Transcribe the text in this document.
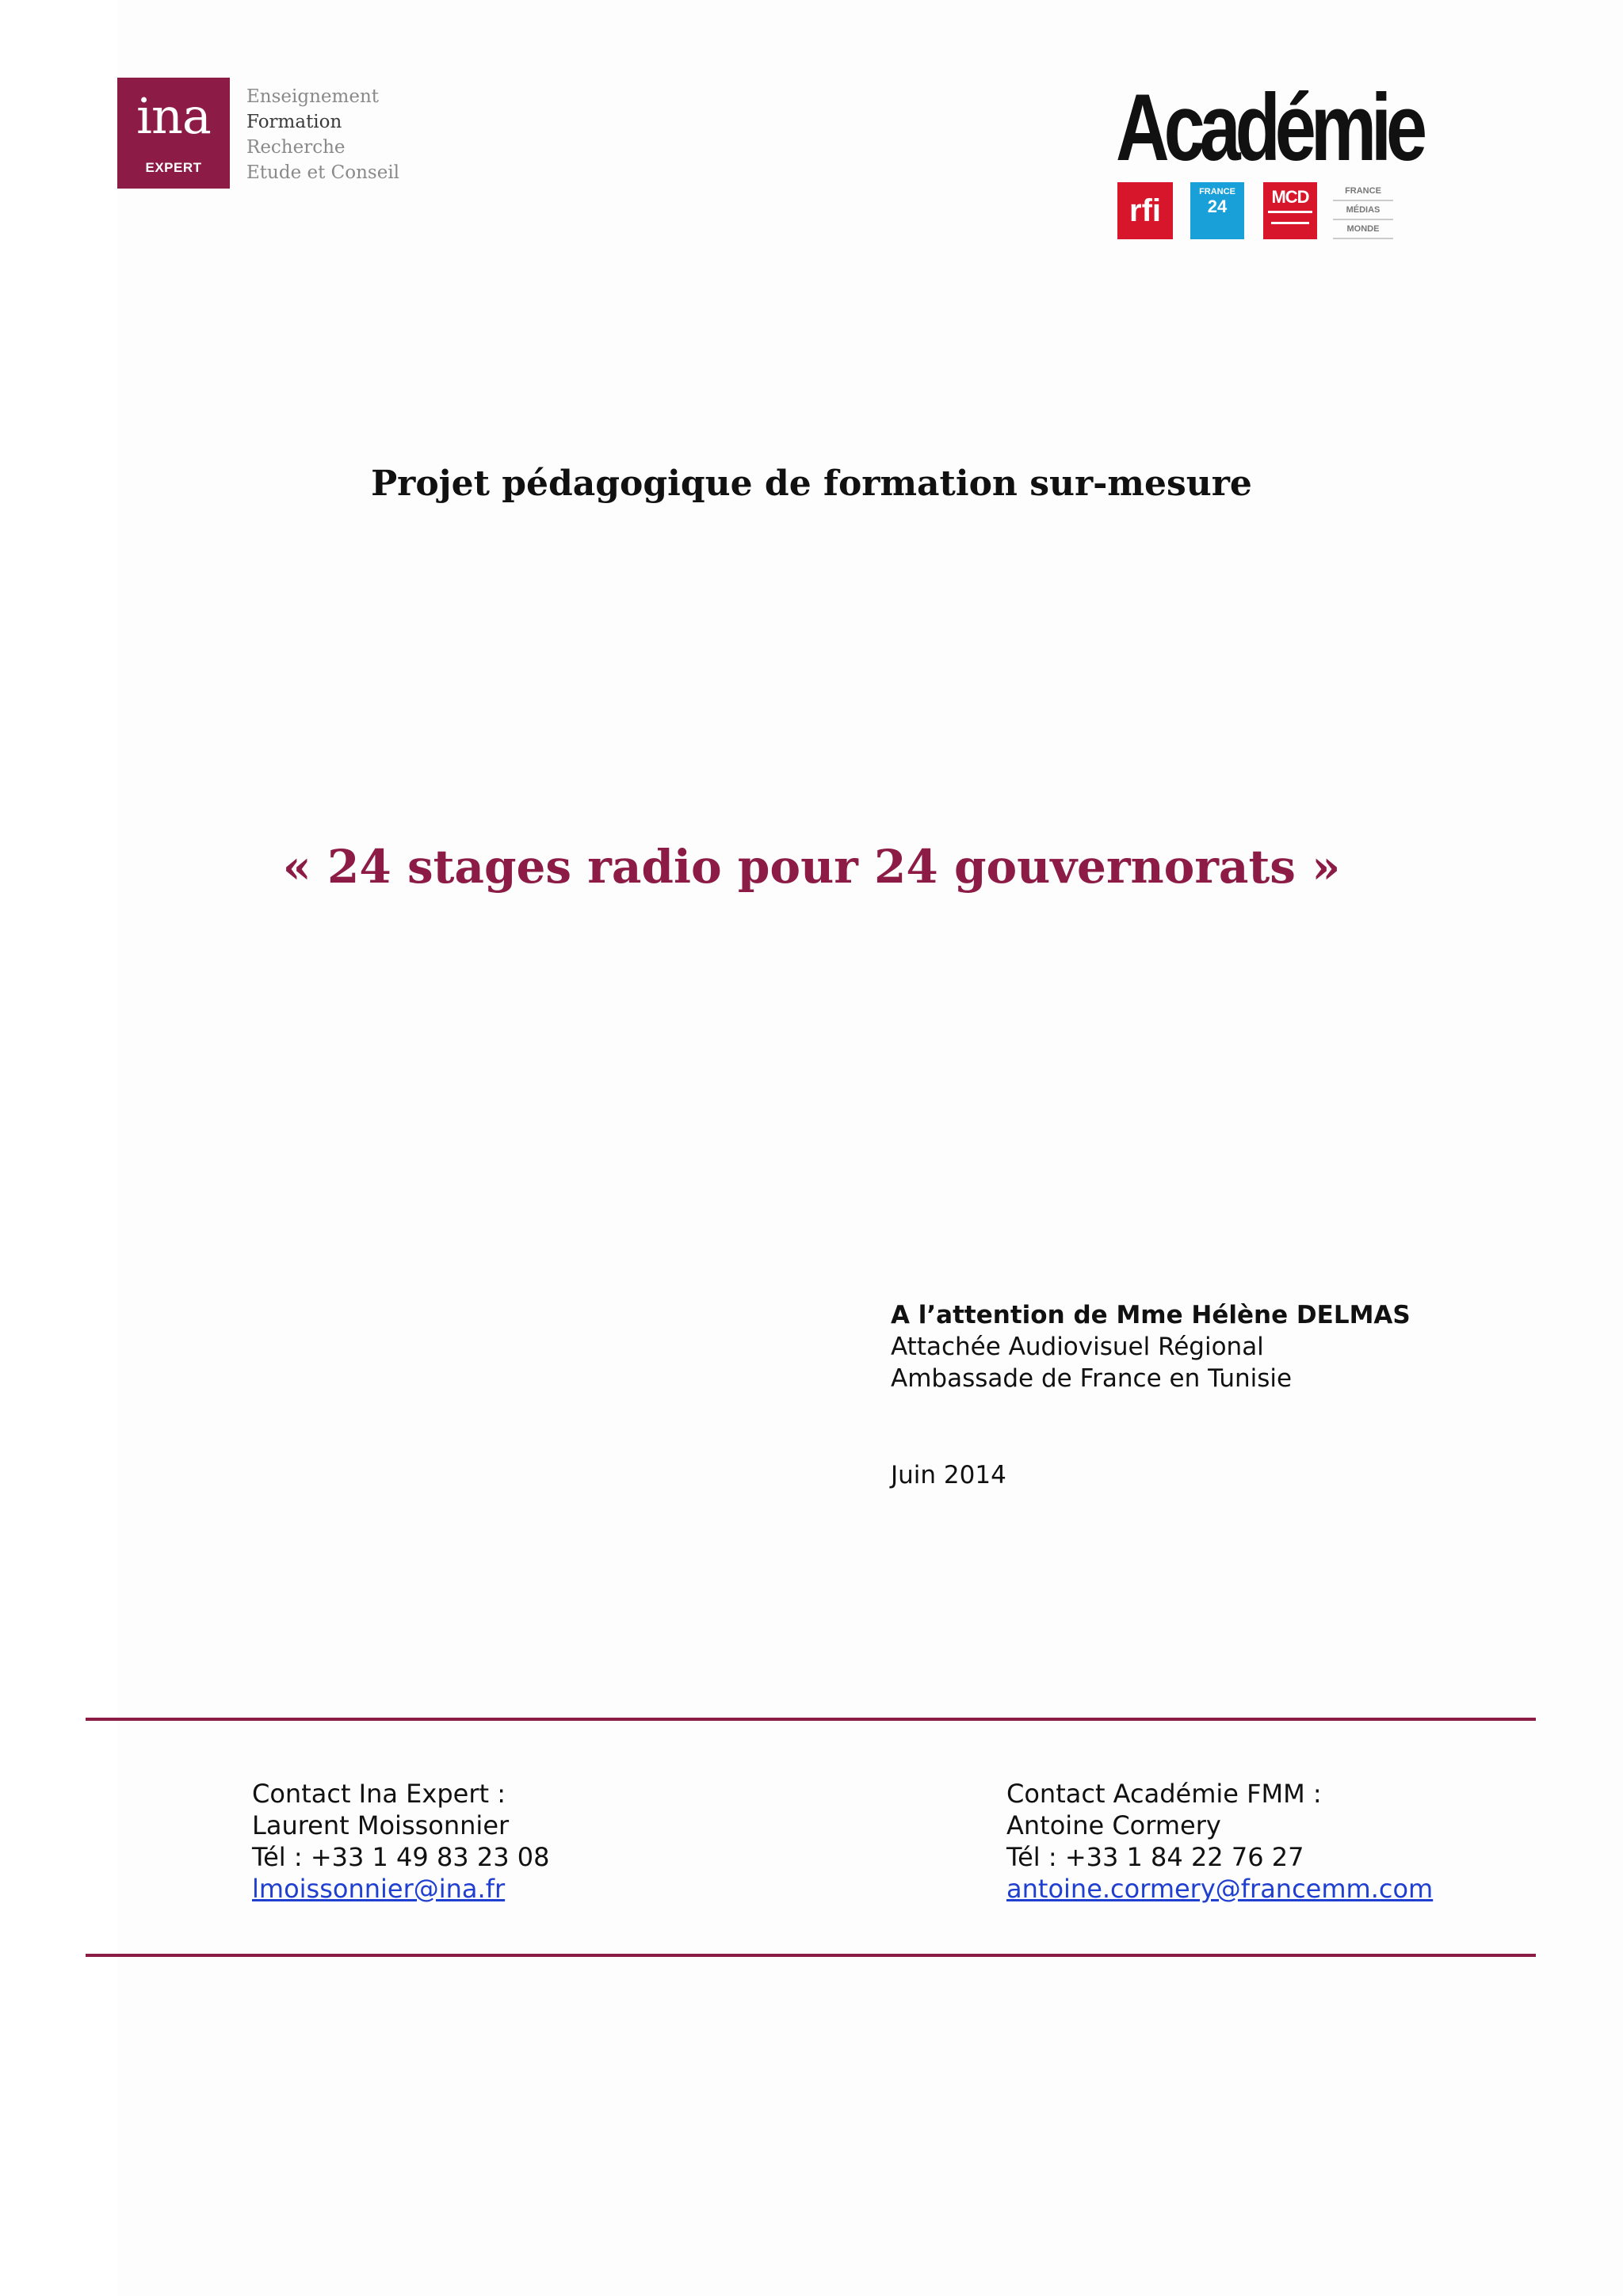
ina
EXPERT
Enseignement
Formation
Recherche
Etude et Conseil	Académie
rfi
FRANCE
24	MCD	FRANCE
MÉDIAS
MONDE
Projet pédagogique de formation sur-mesure
« 24 stages radio pour 24 gouvernorats »
A l’attention de Mme Hélène DELMAS
Attachée Audiovisuel Régional
Ambassade de France en Tunisie
Juin 2014
Contact Ina Expert :
Laurent Moissonnier
Tél : +33 1 49 83 23 08
lmoissonnier@ina.fr
Contact Académie FMM :
Antoine Cormery
Tél : +33 1 84 22 76 27
antoine.cormery@francemm.com
